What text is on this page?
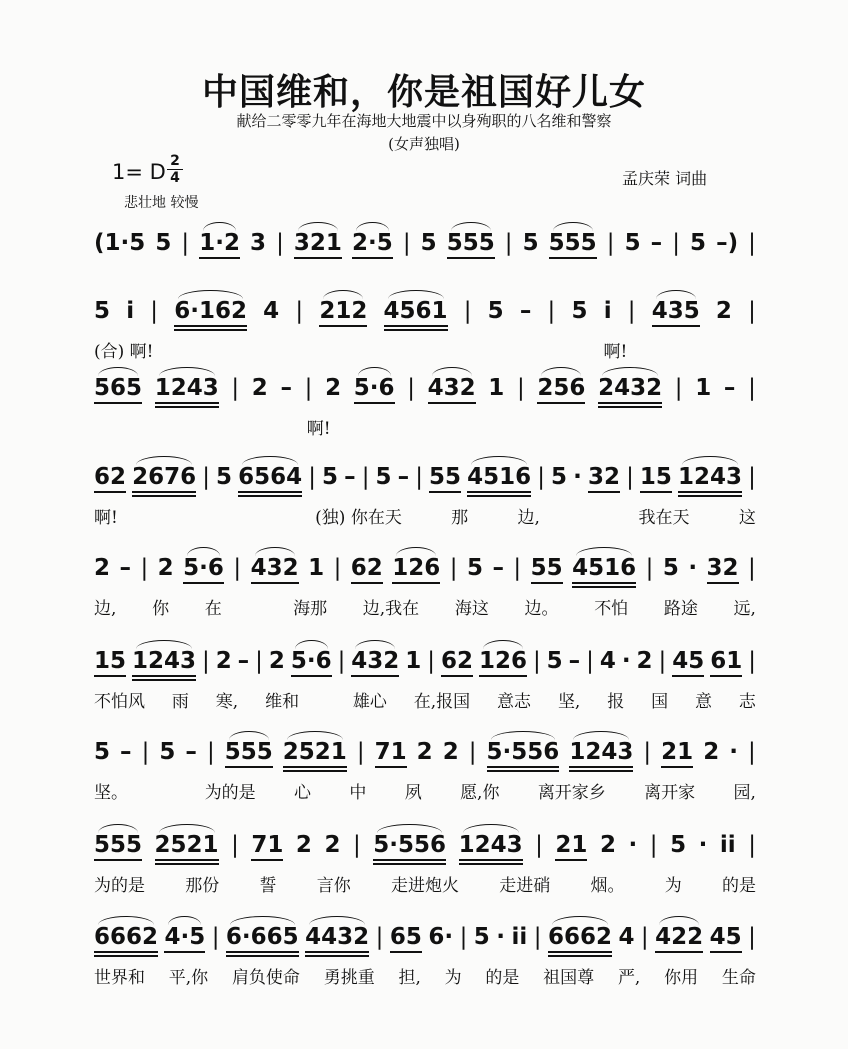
中国维和，你是祖国好儿女
献给二零零九年在海地大地震中以身殉职的八名维和警察
(女声独唱)
1= D 2
4	孟庆荣 词曲
悲壮地 较慢
(1·5 5 | 1·2 3 | 321 2·5 | 5 555 | 5 555 | 5 – | 5 –) |
5 i | 6·162 4 | 212 4561 | 5 – | 5 i | 435 2 |
(合) 啊!	啊!
565 1243 | 2 – | 2 5·6 | 432 1 | 256 2432 | 1 – |
啊!
62 2676 | 5 6564 | 5 – | 5 – | 55 4516 | 5 · 32 | 15 1243 |
啊!	(独) 你在天	那	边,	我在天	这
2 – | 2 5·6 | 432 1 | 62 126 | 5 – | 55 4516 | 5 · 32 |
边, 你 在	海那 边,我在 海这 边。 不怕 路途 远,
15 1243 | 2 – | 2 5·6 | 432 1 | 62 126 | 5 – | 4 · 2 | 45 61 |
不怕风 雨 寒, 维和	雄心 在,报国 意志 坚, 报 国 意 志
5 – | 5 – | 555 2521 | 71 2 2 | 5·556 1243 | 21 2 · |
坚。	为的是 心 中 夙 愿,你 离开家乡 离开家 园,
555 2521 | 71 2 2 | 5·556 1243 | 21 2 · | 5 · ii |
为的是 那份 誓 言你 走进炮火 走进硝 烟。 为 的是
6662 4·5 | 6·665 4432 | 65 6· | 5 · ii | 6662 4 | 422 45 |
世界和 平,你 肩负使命 勇挑重 担, 为 的是 祖国尊 严, 你用 生命
